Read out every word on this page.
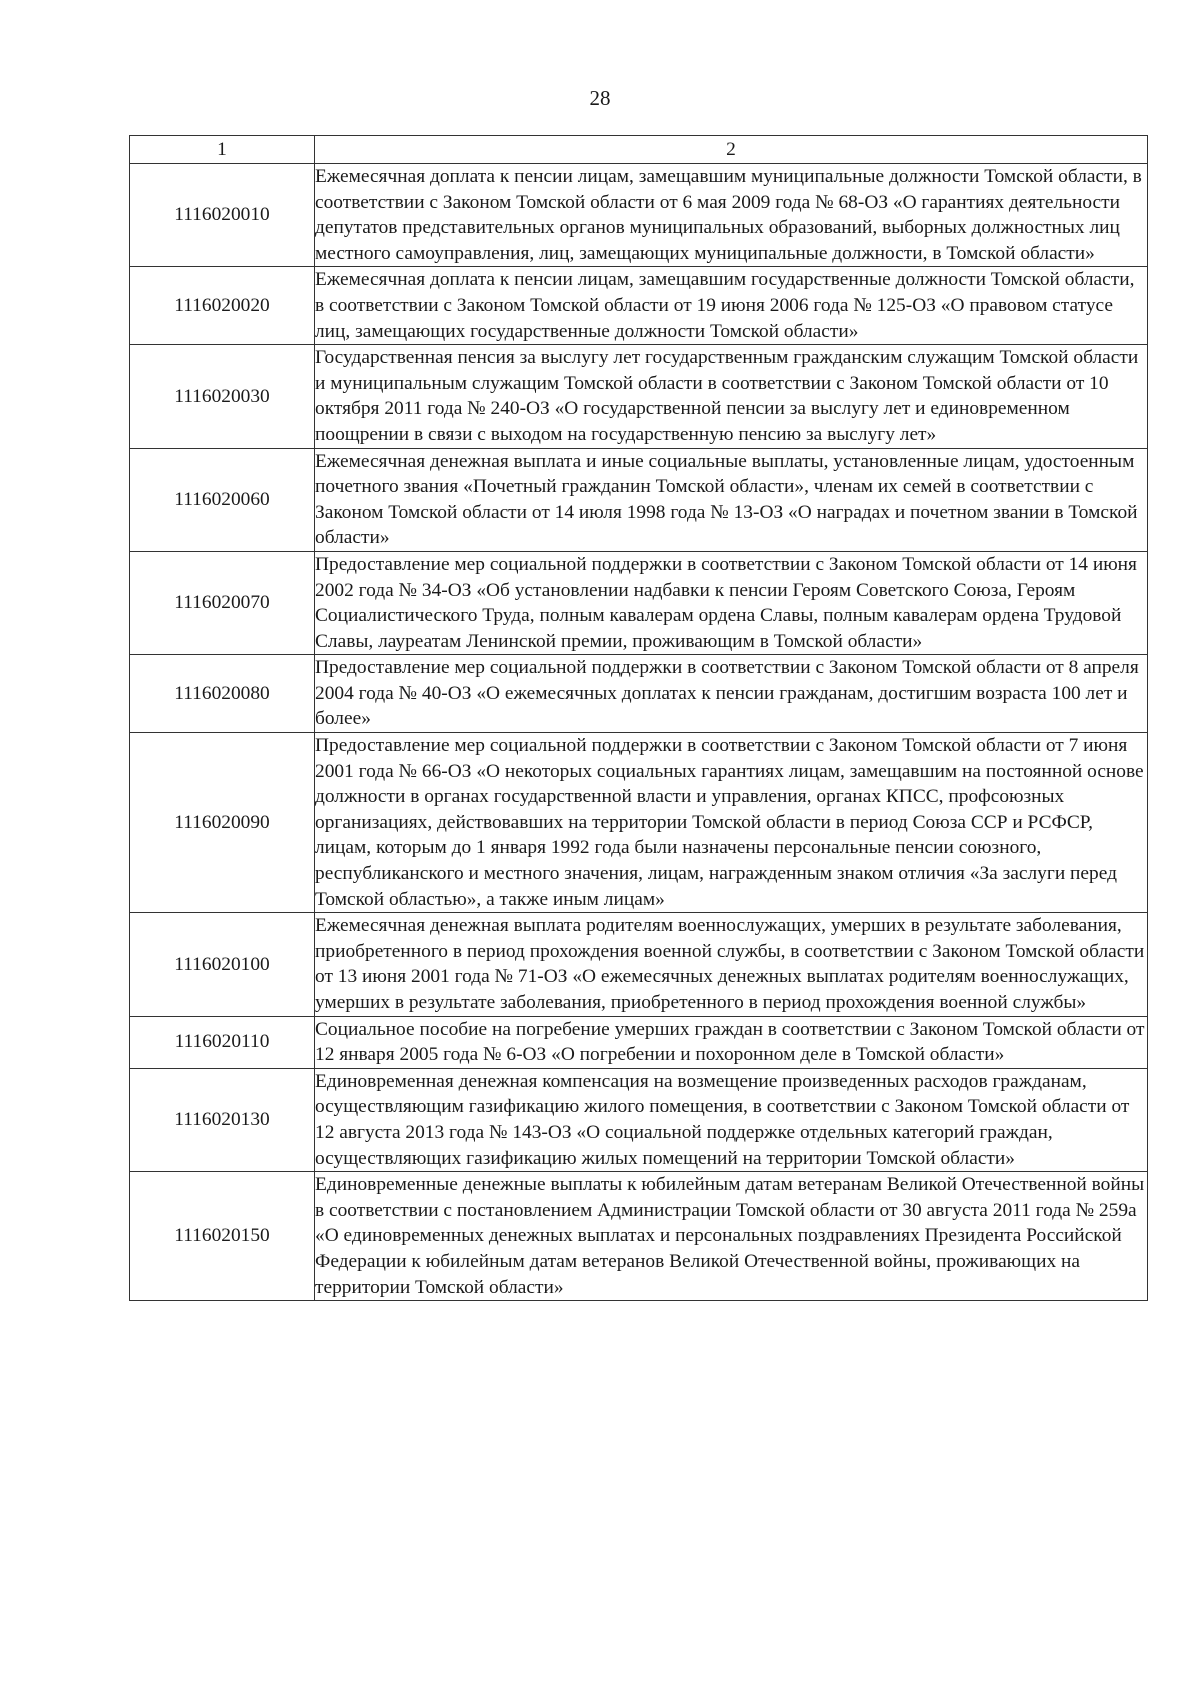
28
1	2
1116020010	Ежемесячная доплата к пенсии лицам, замещавшим муниципальные должности Томской области, в соответствии с Законом Томской области от 6 мая 2009 года № 68-ОЗ «О гарантиях деятельности депутатов представительных органов муниципальных образований, выборных должностных лиц местного самоуправления, лиц, замещающих муниципальные должности, в Томской области»
1116020020	Ежемесячная доплата к пенсии лицам, замещавшим государственные должности Томской области, в соответствии с Законом Томской области от 19 июня 2006 года № 125-ОЗ «О правовом статусе лиц, замещающих государственные должности Томской области»
1116020030	Государственная пенсия за выслугу лет государственным гражданским служащим Томской области и муниципальным служащим Томской области в соответствии с Законом Томской области от 10 октября 2011 года № 240-ОЗ «О государственной пенсии за выслугу лет и единовременном поощрении в связи с выходом на государственную пенсию за выслугу лет»
1116020060	Ежемесячная денежная выплата и иные социальные выплаты, установленные лицам, удостоенным почетного звания «Почетный гражданин Томской области», членам их семей в соответствии с Законом Томской области от 14 июля 1998 года № 13-ОЗ «О наградах и почетном звании в Томской области»
1116020070	Предоставление мер социальной поддержки в соответствии с Законом Томской области от 14 июня 2002 года № 34-ОЗ «Об установлении надбавки к пенсии Героям Советского Союза, Героям Социалистического Труда, полным кавалерам ордена Славы, полным кавалерам ордена Трудовой Славы, лауреатам Ленинской премии, проживающим в Томской области»
1116020080	Предоставление мер социальной поддержки в соответствии с Законом Томской области от 8 апреля 2004 года № 40-ОЗ «О ежемесячных доплатах к пенсии гражданам, достигшим возраста 100 лет и более»
1116020090	Предоставление мер социальной поддержки в соответствии с Законом Томской области от 7 июня 2001 года № 66-ОЗ «О некоторых социальных гарантиях лицам, замещавшим на постоянной основе должности в органах государственной власти и управления, органах КПСС, профсоюзных организациях, действовавших на территории Томской области в период Союза ССР и РСФСР, лицам, которым до 1 января 1992 года были назначены персональные пенсии союзного, республиканского и местного значения, лицам, награжденным знаком отличия «За заслуги перед Томской областью», а также иным лицам»
1116020100	Ежемесячная денежная выплата родителям военнослужащих, умерших в результате заболевания, приобретенного в период прохождения военной службы, в соответствии с Законом Томской области от 13 июня 2001 года № 71-ОЗ «О ежемесячных денежных выплатах родителям военнослужащих, умерших в результате заболевания, приобретенного в период прохождения военной службы»
1116020110	Социальное пособие на погребение умерших граждан в соответствии с Законом Томской области от 12 января 2005 года № 6-ОЗ «О погребении и похоронном деле в Томской области»
1116020130	Единовременная денежная компенсация на возмещение произведенных расходов гражданам, осуществляющим газификацию жилого помещения, в соответствии с Законом Томской области от 12 августа 2013 года № 143-ОЗ «О социальной поддержке отдельных категорий граждан, осуществляющих газификацию жилых помещений на территории Томской области»
1116020150	Единовременные денежные выплаты к юбилейным датам ветеранам Великой Отечественной войны в соответствии с постановлением Администрации Томской области от 30 августа 2011 года № 259а «О единовременных денежных выплатах и персональных поздравлениях Президента Российской Федерации к юбилейным датам ветеранов Великой Отечественной войны, проживающих на территории Томской области»
